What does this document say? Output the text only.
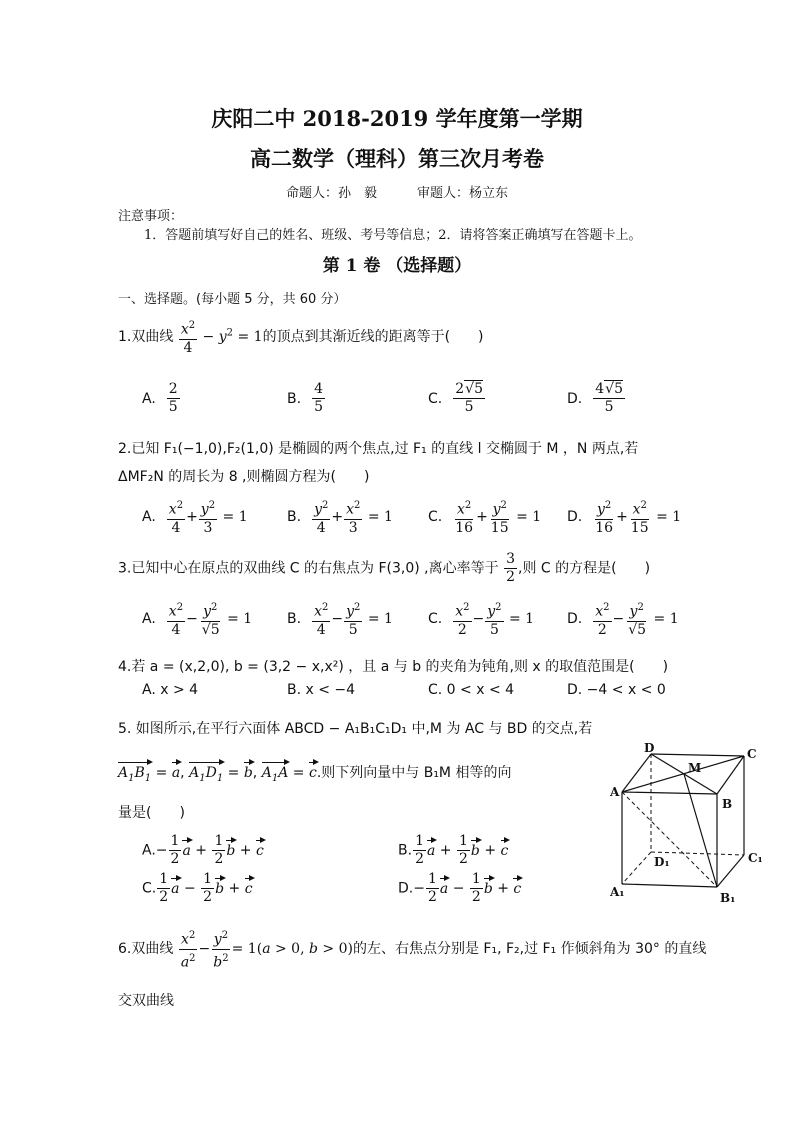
庆阳二中 2018-2019 学年度第一学期
高二数学（理科）第三次月考卷
命题人：孙　毅	审题人：杨立东
注意事项：
1．答题前填写好自己的姓名、班级、考号等信息；2．请将答案正确填写在答题卡上。
第 1 卷 （选择题）
一、选择题。(每小题 5 分，共 60 分）
1.双曲线 $\frac{x^2}{4} - y^2 = 1$的顶点到其渐近线的距离等于(　　)
A. $\frac{2}{5}$	B. $\frac{4}{5}$	C. $\frac{2√5}{5}$	D. $\frac{4√5}{5}$
2.已知 F₁(−1,0),F₂(1,0) 是椭圆的两个焦点,过 F₁ 的直线 l 交椭圆于 M ，N 两点,若
ΔMF₂N 的周长为 8 ,则椭圆方程为(　　)
A. $\frac{x^2}{4} + \frac{y^2}{3} = 1$	B. $\frac{y^2}{4} + \frac{x^2}{3} = 1$	C. $\frac{x^2}{16} + \frac{y^2}{15} = 1$ D. $\frac{y^2}{16} + \frac{x^2}{15} = 1$
3.已知中心在原点的双曲线 C 的右焦点为 F(3,0) ,离心率等于 $\frac{3}{2}$ ,则 C 的方程是(　　)
A. $\frac{x^2}{4} - \frac{y^2}{√5} = 1$ B. $\frac{x^2}{4} - \frac{y^2}{5} = 1$	C. $\frac{x^2}{2} - \frac{y^2}{5} = 1$ D. $\frac{x^2}{2} - \frac{y^2}{√5} = 1$
4.若 a = (x,2,0), b = (3,2 − x,x²) ，且 a 与 b 的夹角为钝角,则 x 的取值范围是(　　)
A. x > 4	B. x < −4	C. 0 < x < 4	D. −4 < x < 0
5. 如图所示,在平行六面体 ABCD − A₁B₁C₁D₁ 中,M 为 AC 与 BD 的交点,若
$A_1B_1 = a$, $A_1D_1 = b$, $A_1A = c$.则下列向量中与 B₁M 相等的向
量是(　　)
$A.- \frac{1}{2}$ $a + \frac{1}{2}$ b + c	B. $\frac{1}{2}$ $a + \frac{1}{2}$ b + c
C. $\frac{1}{2}$ $a - \frac{1}{2}$ b + c	$D.- \frac{1}{2}$ $a - \frac{1}{2}$ b + c
D	C
M
A
B
D₁	C₁
A₁	B₁
6.双曲线 $\frac{x^2}{a^2} - \frac{y^2}{b^2} = 1(a > 0$, b > 0)的左、右焦点分别是 F₁, F₂,过 F₁ 作倾斜角为 30° 的直线
交双曲线
